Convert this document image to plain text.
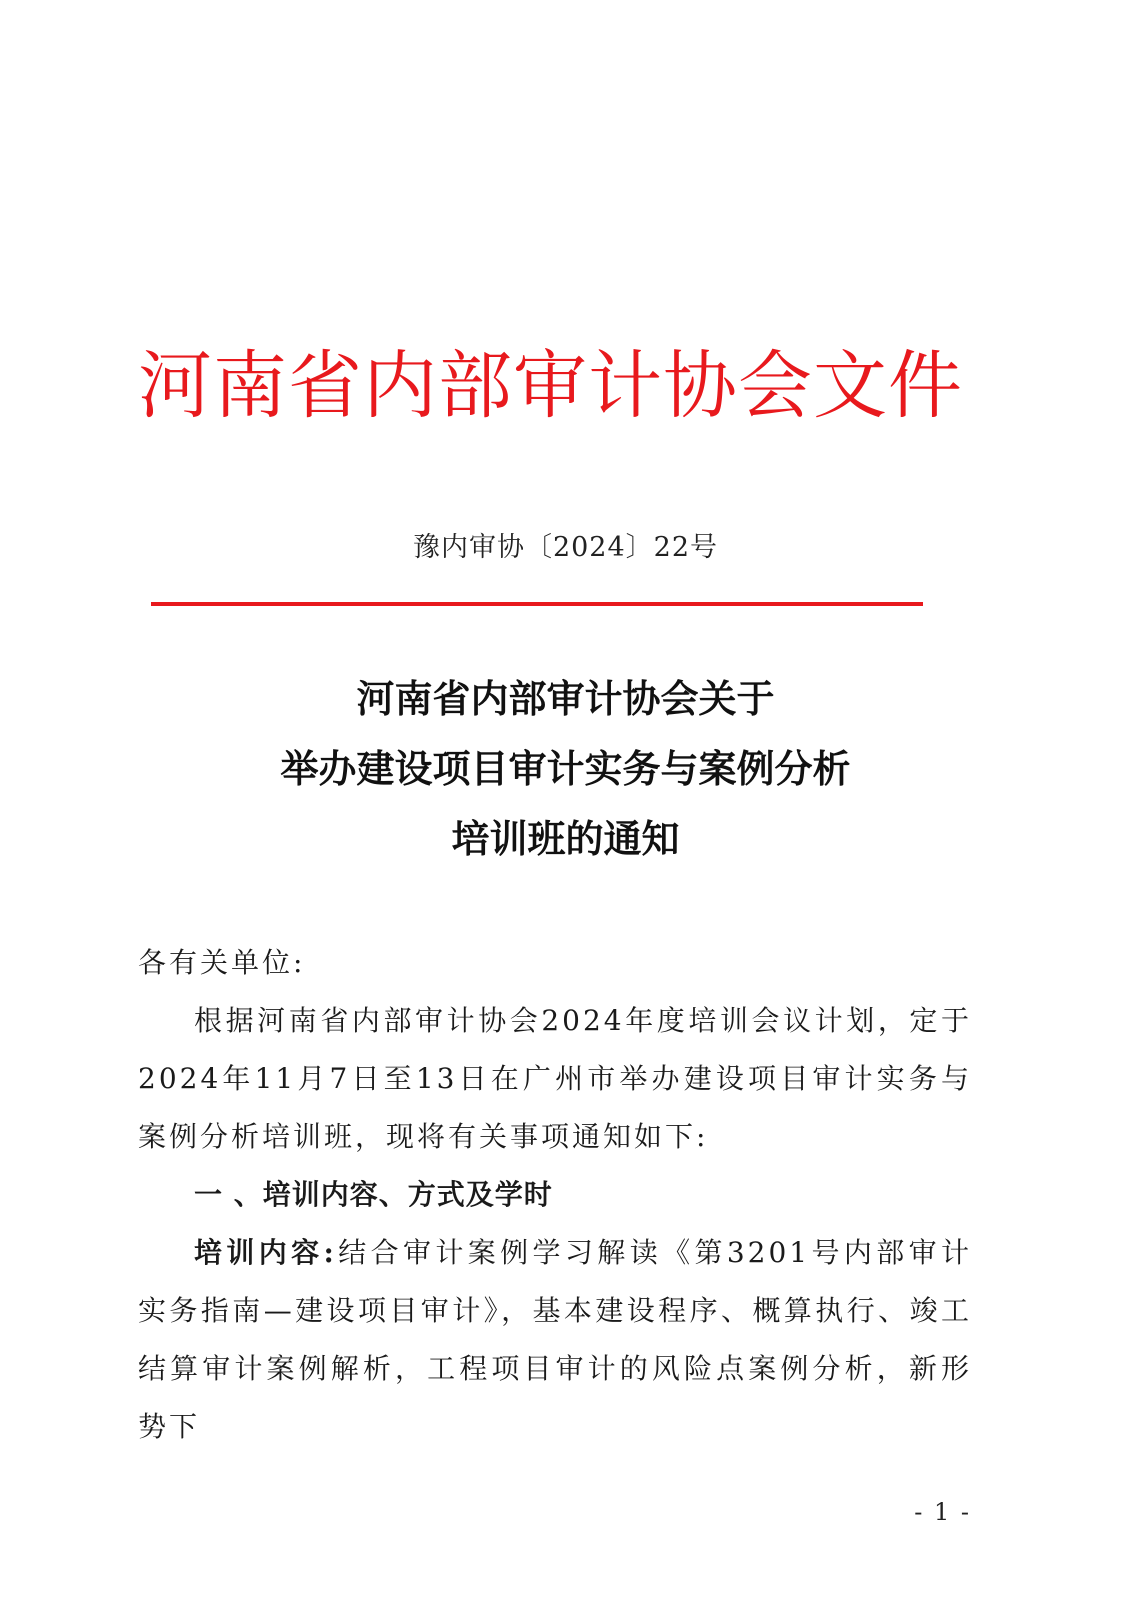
河南省内部审计协会文件
豫内审协〔2024〕22号
河南省内部审计协会关于
举办建设项目审计实务与案例分析
培训班的通知

各有关单位:

根据河南省内部审计协会2024年度培训会议计划，定于2024年11月7日至13日在广州市举办建设项目审计实务与案例分析培训班，现将有关事项通知如下:

一 、培训内容、方式及学时

培训内容:结合审计案例学习解读《第3201号内部审计实务指南—建设项目审计》，基本建设程序、概算执行、竣工结算审计案例解析，工程项目审计的风险点案例分析，新形势下

- 1 -
